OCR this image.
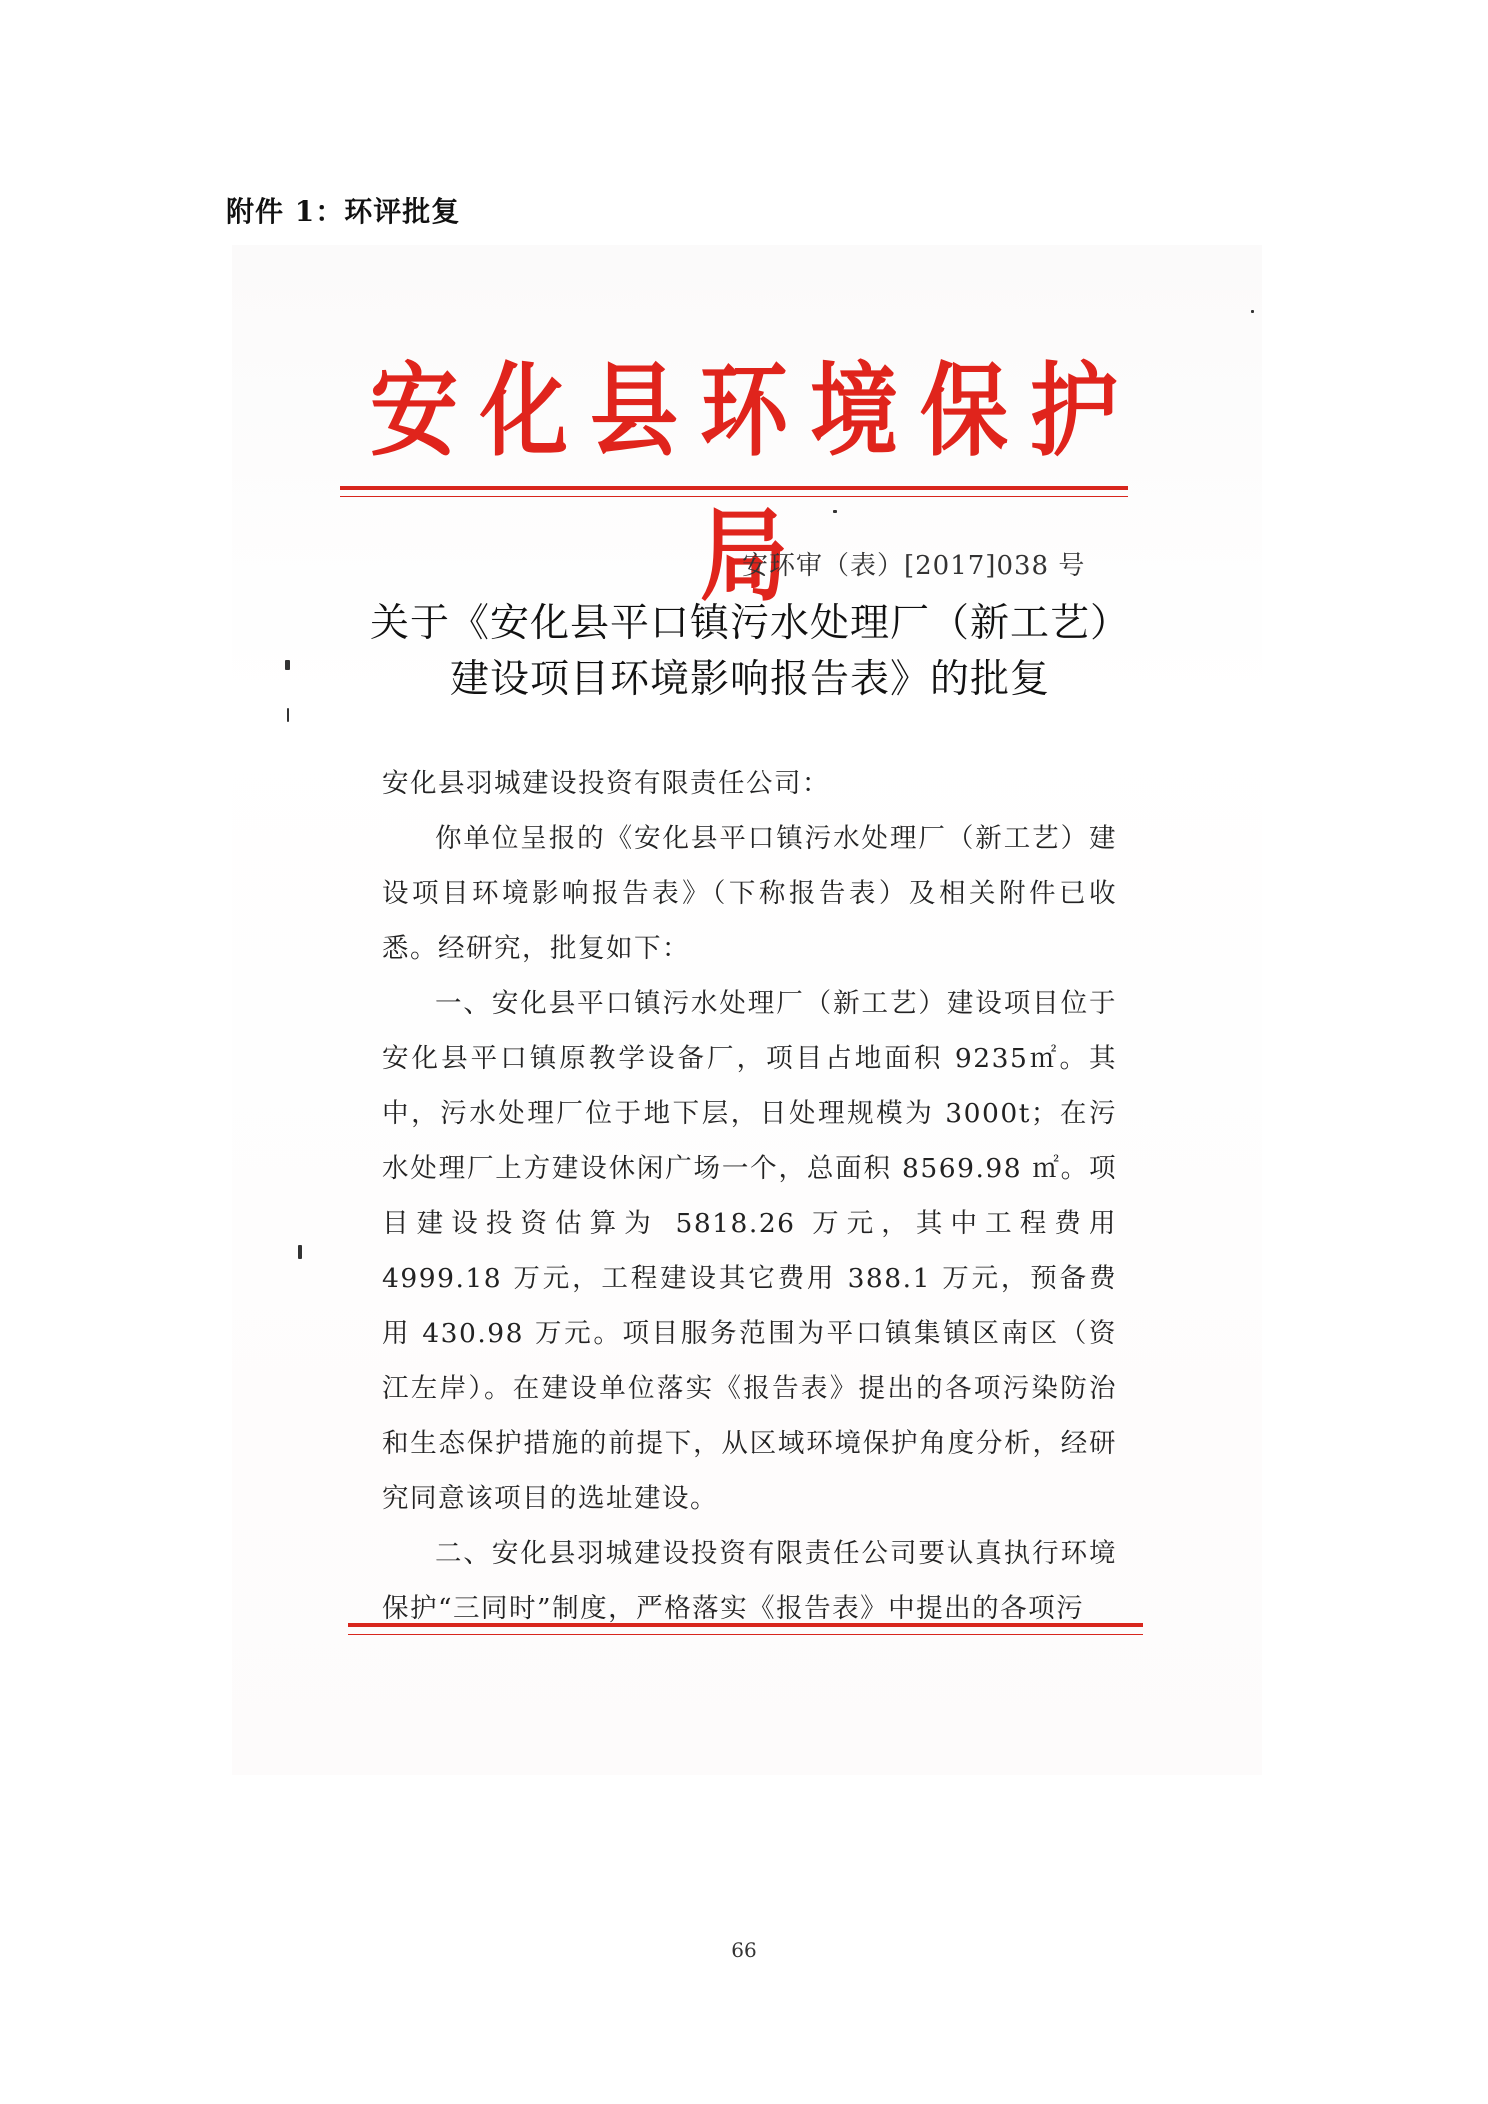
附件 1：环评批复
安化县环境保护局
安环审（表）[2017]038 号
关于《安化县平口镇污水处理厂（新工艺）
建设项目环境影响报告表》的批复

安化县羽城建设投资有限责任公司：

你单位呈报的《安化县平口镇污水处理厂（新工艺）建设项目环境影响报告表》（下称报告表）及相关附件已收悉。经研究，批复如下：

一、安化县平口镇污水处理厂（新工艺）建设项目位于安化县平口镇原教学设备厂，项目占地面积 9235㎡。其中，污水处理厂位于地下层，日处理规模为 3000t；在污水处理厂上方建设休闲广场一个，总面积 8569.98 ㎡。项目建设投资估算为 5818.26 万元，其中工程费用 4999.18 万元，工程建设其它费用 388.1 万元，预备费用 430.98 万元。项目服务范围为平口镇集镇区南区（资江左岸）。在建设单位落实《报告表》提出的各项污染防治和生态保护措施的前提下，从区域环境保护角度分析，经研究同意该项目的选址建设。

二、安化县羽城建设投资有限责任公司要认真执行环境保护“三同时”制度，严格落实《报告表》中提出的各项污

66
